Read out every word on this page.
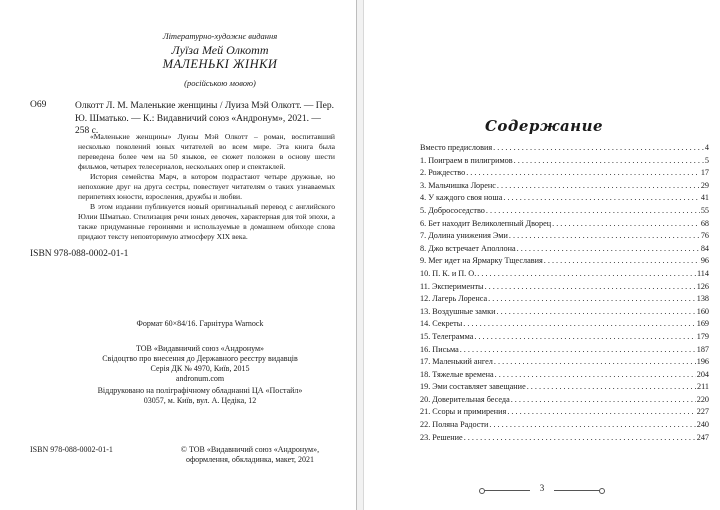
Літературно-художнє видання
Луїза Мей Олкотт
МАЛЕНЬКІ ЖІНКИ
(російською мовою)
О69	Олкотт Л. М. Маленькие женщины / Луиза Мэй Олкотт. — Пер.
Ю. Шматько. — К.: Видавничий союз «Андронум», 2021. — 258 с.

«Маленькие женщины» Луизы Мэй Олкотт – роман, воспитавший несколько поколений юных читателей во всем мире. Эта книга была переведена более чем на 50 языков, ее сюжет положен в основу шести фильмов, четырех телесериалов, нескольких опер и спектаклей.

История семейства Марч, в котором подрастают четыре дружные, но непохожие друг на друга сестры, повествует читателям о таких узнаваемых перипетиях юности, взросления, дружбы и любви.

В этом издании публикуется новый оригинальный перевод с английского Юлии Шматько. Стилизация речи юных девочек, характерная для той эпохи, а также придуманные героинями и используемые в домашнем обиходе слова придают тексту неповторимую атмосферу XIX века.

ISBN 978-088-0002-01-1
Формат 60×84/16. Гарнітура Warnock
ТОВ «Видавничий союз «Андронум»
Свідоцтво про внесення до Державного реєстру видавців
Серія ДК № 4970, Київ, 2015
andronum.com
Віддруковано на поліграфічному обладнанні ЦА «Постайл»
03057, м. Київ, вул. А. Цедіка, 12
ISBN 978-088-0002-01-1	© ТОВ «Видавничий союз «Андронум»,
оформлення, обкладинка, макет, 2021
Содержание
Вместо предисловия . . .	4
1. Поиграем в пилигримов . . .	5
2. Рождество . . .	17
3. Мальчишка Лоренс . . .	29
4. У каждого своя ноша . . .	41
5. Добрососедство . . .	55
6. Бет находит Великолепный Дворец . . .	68
7. Долина унижения Эми . . .	76
8. Джо встречает Аполлона . . .	84
9. Мег идет на Ярмарку Тщеславия . . .	96
10. П. К. и П. О. . . .	114
11. Эксперименты . . .	126
12. Лагерь Лоренса . . .	138
13. Воздушные замки . . .	160
14. Секреты . . .	169
15. Телеграмма . . .	179
16. Письма . . .	187
17. Маленький ангел . . .	196
18. Тяжелые времена . . .	204
19. Эми составляет завещание . . .	211
20. Доверительная беседа . . .	220
21. Ссоры и примирения . . .	227
22. Поляна Радости . . .	240
23. Решение . . .	247
3
